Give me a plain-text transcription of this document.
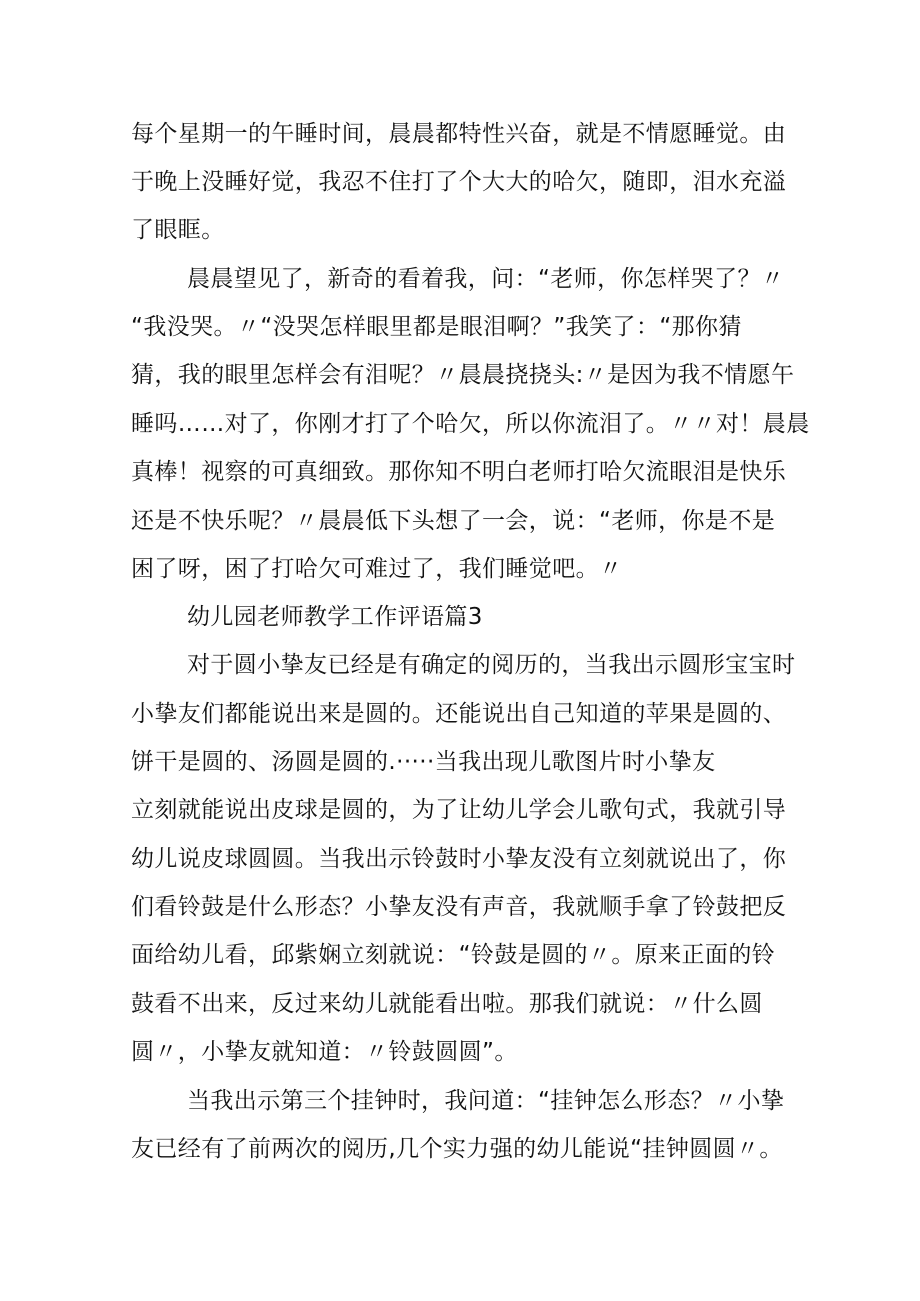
每个星期一的午睡时间，晨晨都特性兴奋，就是不情愿睡觉。由
于晚上没睡好觉，我忍不住打了个大大的哈欠，随即，泪水充溢
了眼眶。
晨晨望见了，新奇的看着我，问：“老师，你怎样哭了？〃
“我没哭。〃“没哭怎样眼里都是眼泪啊？”我笑了：“那你猜
猜，我的眼里怎样会有泪呢？〃晨晨挠挠头:〃是因为我不情愿午
睡吗……对了，你刚才打了个哈欠，所以你流泪了。〃〃对！晨晨
真棒！视察的可真细致。那你知不明白老师打哈欠流眼泪是快乐
还是不快乐呢？〃晨晨低下头想了一会，说：“老师，你是不是
困了呀，困了打哈欠可难过了，我们睡觉吧。〃
幼儿园老师教学工作评语篇3
对于圆小挚友已经是有确定的阅历的，当我出示圆形宝宝时
小挚友们都能说出来是圆的。还能说出自己知道的苹果是圆的、
饼干是圆的、汤圆是圆的.·····当我出现儿歌图片时小挚友
立刻就能说出皮球是圆的，为了让幼儿学会儿歌句式，我就引导
幼儿说皮球圆圆。当我出示铃鼓时小挚友没有立刻就说出了，你
们看铃鼓是什么形态？小挚友没有声音，我就顺手拿了铃鼓把反
面给幼儿看，邱紫娴立刻就说：“铃鼓是圆的〃。原来正面的铃
鼓看不出来，反过来幼儿就能看出啦。那我们就说：〃什么圆
圆〃，小挚友就知道：〃铃鼓圆圆”。
当我出示第三个挂钟时，我问道：“挂钟怎么形态？〃小挚
友已经有了前两次的阅历,几个实力强的幼儿能说“挂钟圆圆〃。
